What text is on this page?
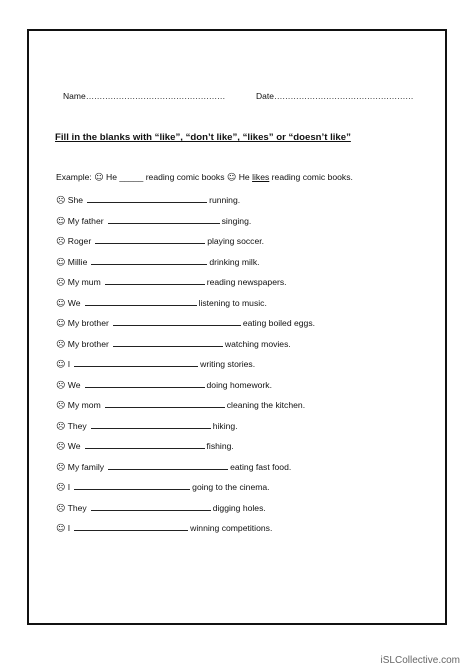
Name……………………………………………	Date……………………………………………
Fill in the blanks with “like”, “don’t like”, “likes” or “doesn’t like”
Example: ☺ He _____ reading comic books ☺ He likes reading comic books.
☹ She	running.
☺ My father	singing.
☹ Roger	playing soccer.
☺ Millie	drinking milk.
☹ My mum	reading newspapers.
☺ We	listening to music.
☺ My brother	eating boiled eggs.
☹ My brother	watching movies.
☺ I	writing stories.
☹ We	doing homework.
☹ My mom	cleaning the kitchen.
☹ They	hiking.
☹ We	fishing.
☹ My family	eating fast food.
☹ I	going to the cinema.
☹ They	digging holes.
☺ I	winning competitions.
iSLCollective.com
